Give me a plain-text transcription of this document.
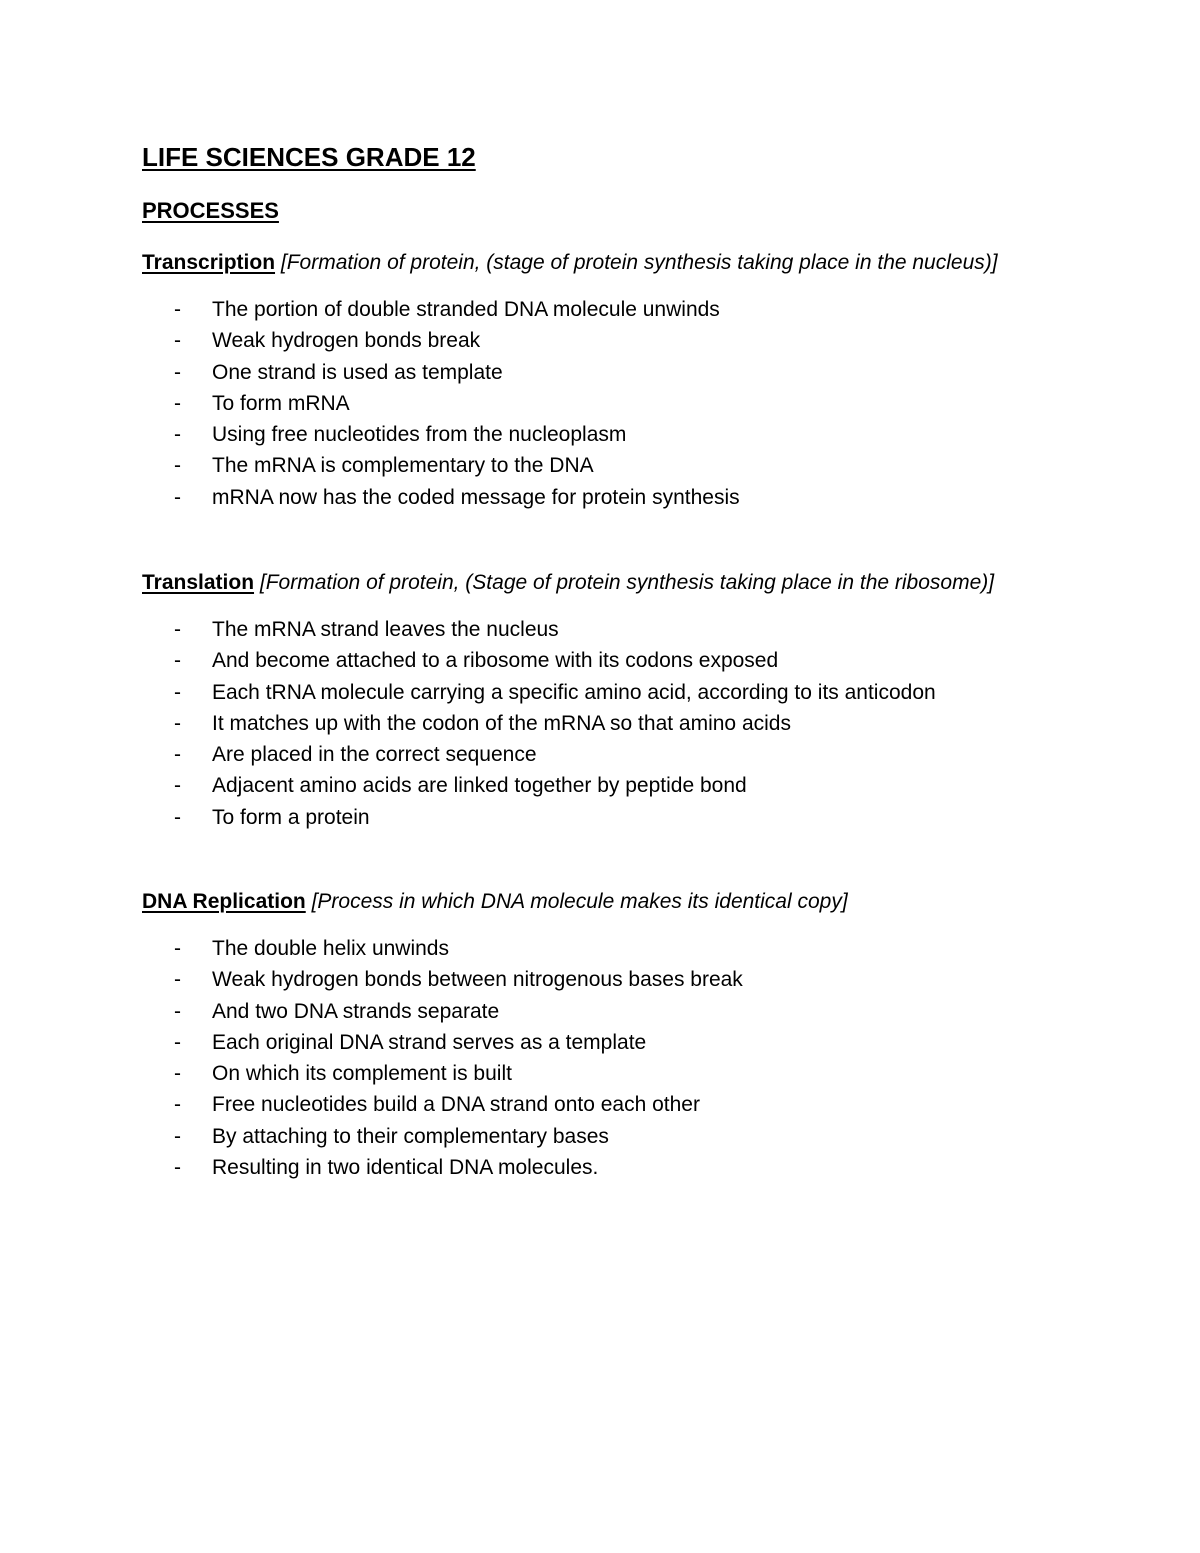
LIFE SCIENCES GRADE 12
PROCESSES

Transcription [Formation of protein, (stage of protein synthesis taking place in the nucleus)]

- The portion of double stranded DNA molecule unwinds
- Weak hydrogen bonds break
- One strand is used as template
- To form mRNA
- Using free nucleotides from the nucleoplasm
- The mRNA is complementary to the DNA
- mRNA now has the coded message for protein synthesis

Translation [Formation of protein, (Stage of protein synthesis taking place in the ribosome)]

- The mRNA strand leaves the nucleus
- And become attached to a ribosome with its codons exposed
- Each tRNA molecule carrying a specific amino acid, according to its anticodon
- It matches up with the codon of the mRNA so that amino acids
- Are placed in the correct sequence
- Adjacent amino acids are linked together by peptide bond
- To form a protein

DNA Replication [Process in which DNA molecule makes its identical copy]

- The double helix unwinds
- Weak hydrogen bonds between nitrogenous bases break
- And two DNA strands separate
- Each original DNA strand serves as a template
- On which its complement is built
- Free nucleotides build a DNA strand onto each other
- By attaching to their complementary bases
- Resulting in two identical DNA molecules.
